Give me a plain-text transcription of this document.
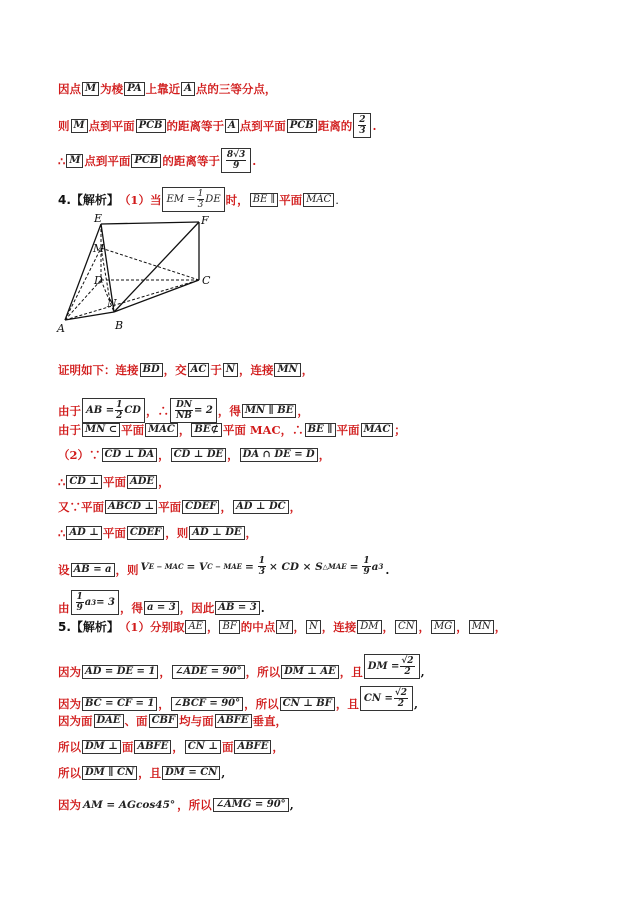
因点 M 为棱 PA 上靠近 A 点的三等分点，
则 M 点到平面 PCB 的距离等于 A 点到平面 PCB 距离的 $\frac{2}{3}$ .
∴ M 点到平面 PCB 的距离等于 $\frac{8√3}{9}$ .
4. 【解析】 （1）当 EM = $\frac{1}{3}$ DE 时， BE ∥ 平面 MAC .
E	F
M
D	C
N
A	B
证明如下：连接 BD ，交 AC 于 N ，连接 MN ，
由于 AB = $\frac{1}{2}$ CD ，∴ $\frac{DN}{NB} = 2$ ，得 MN ∥ BE ，
由于 MN ⊂ 平面 MAC ， BE⊄ 平面 MAC，∴ BE ∥ 平面 MAC ；
（2）∵ CD ⊥ DA ， CD ⊥ DE ， DA ∩ DE = D ，
∴ CD ⊥ 平面 ADE ，
又∵平面 ABCD ⊥ 平面 CDEF ， AD ⊥ DC ，
∴ AD ⊥ 平面 CDEF ，则 AD ⊥ DE ，
设 AB = a ，则 V E − MAC = V C − MAE = $\frac{1}{3}$ × CD × S △MAE = $\frac{1}{9}$ a 3 .
由 $\frac{1}{9}$ a 3 = 3 ，得 a = 3 ，因此 AB = 3 .
5. 【解析】 （1）分别取 AE ， BF 的中点 M ， N ，连接 DM ， CN ， MG ， MN ，
因为 AD = DE = 1 ， ∠ADE = 90° ，所以 DM ⊥ AE ，且 DM = $\frac{√2}{2}$ ,
因为 BC = CF = 1 ， ∠BCF = 90° ，所以 CN ⊥ BF ，且 CN = $\frac{√2}{2}$ ,
因为面 DAE 、面 CBF 均与面 ABFE 垂直，
所以 DM ⊥ 面 ABFE ， CN ⊥ 面 ABFE ，
所以 DM ∥ CN ，且 DM = CN ,
因为 AM = AGcos45° ，所以 ∠AMG = 90° ,
